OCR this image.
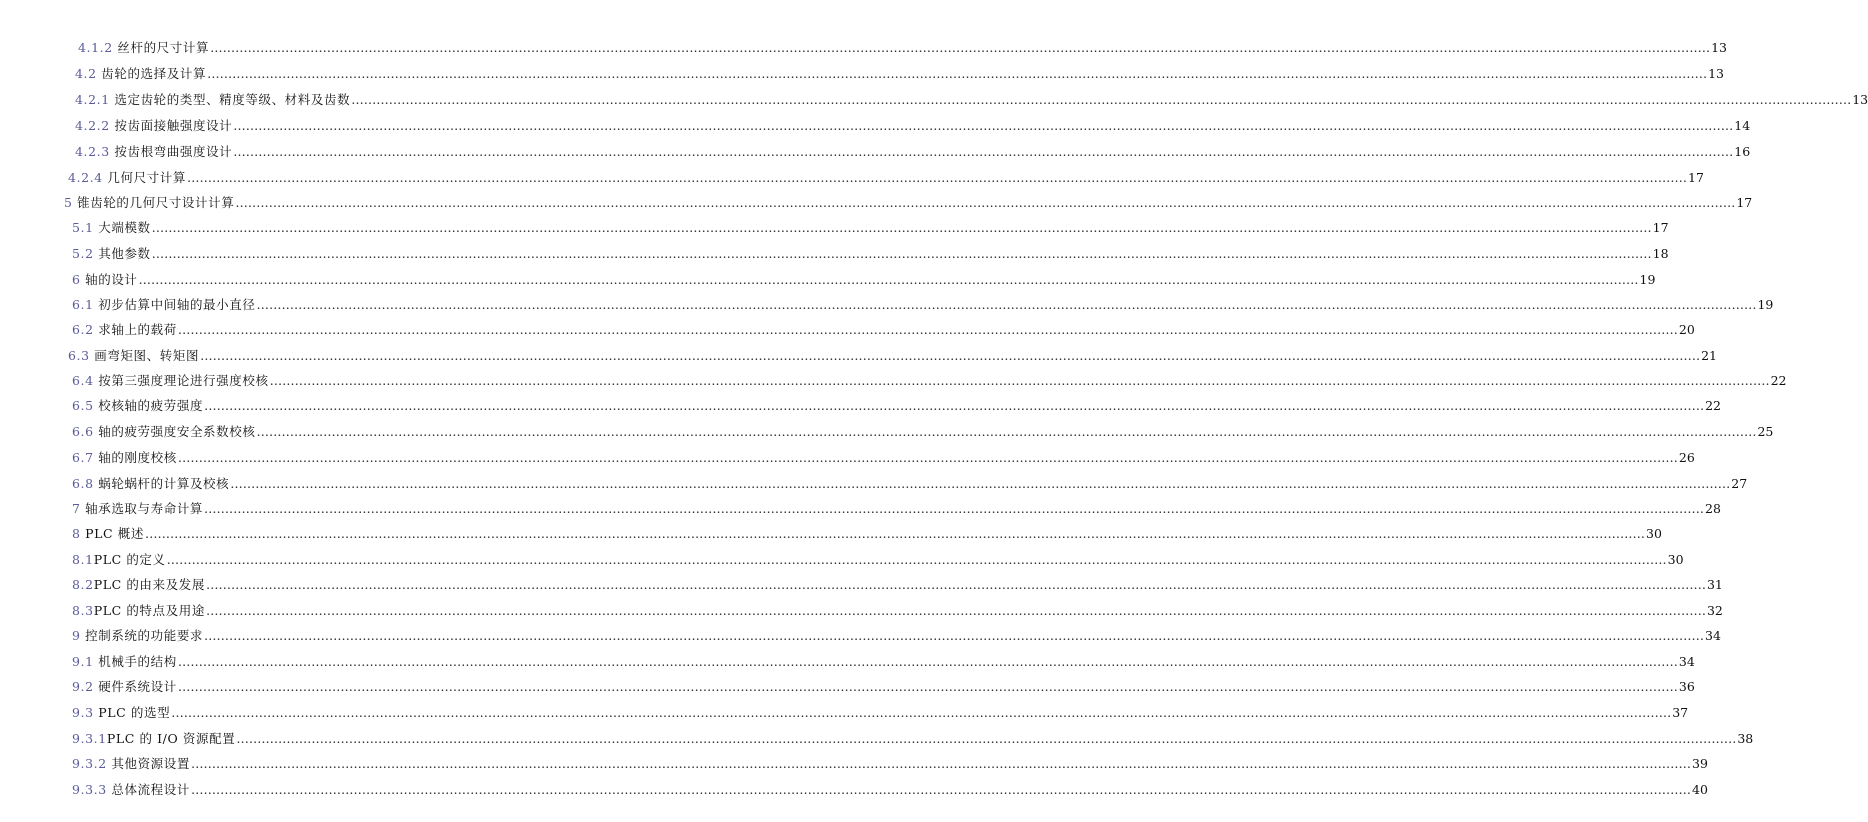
4.1.2 丝杆的尺寸计算 ……………………………………………………………………………………………………………………………………………………………………………………………………………………………………………………………………………………………………………………………… 13
4.2 齿轮的选择及计算 ……………………………………………………………………………………………………………………………………………………………………………………………………………………………………………………………………………………………………………………………… 13
4.2.1 选定齿轮的类型、精度等级、材料及齿数 ……………………………………………………………………………………………………………………………………………………………………………………………………………………………………………………………………………………………………………………………… 13
4.2.2 按齿面接触强度设计 ……………………………………………………………………………………………………………………………………………………………………………………………………………………………………………………………………………………………………………………………… 14
4.2.3 按齿根弯曲强度设计 ……………………………………………………………………………………………………………………………………………………………………………………………………………………………………………………………………………………………………………………………… 16
4.2.4 几何尺寸计算 ……………………………………………………………………………………………………………………………………………………………………………………………………………………………………………………………………………………………………………………………… 17
5 锥齿轮的几何尺寸设计计算 ……………………………………………………………………………………………………………………………………………………………………………………………………………………………………………………………………………………………………………………………… 17
5.1 大端模数 ……………………………………………………………………………………………………………………………………………………………………………………………………………………………………………………………………………………………………………………………… 17
5.2 其他参数 ……………………………………………………………………………………………………………………………………………………………………………………………………………………………………………………………………………………………………………………………… 18
6 轴的设计 ……………………………………………………………………………………………………………………………………………………………………………………………………………………………………………………………………………………………………………………………… 19
6.1 初步估算中间轴的最小直径 ……………………………………………………………………………………………………………………………………………………………………………………………………………………………………………………………………………………………………………………………… 19
6.2 求轴上的载荷 ……………………………………………………………………………………………………………………………………………………………………………………………………………………………………………………………………………………………………………………………… 20
6.3 画弯矩图、转矩图 ……………………………………………………………………………………………………………………………………………………………………………………………………………………………………………………………………………………………………………………………… 21
6.4 按第三强度理论进行强度校核 ……………………………………………………………………………………………………………………………………………………………………………………………………………………………………………………………………………………………………………………………… 22
6.5 校核轴的疲劳强度 ……………………………………………………………………………………………………………………………………………………………………………………………………………………………………………………………………………………………………………………………… 22
6.6 轴的疲劳强度安全系数校核 ……………………………………………………………………………………………………………………………………………………………………………………………………………………………………………………………………………………………………………………………… 25
6.7 轴的刚度校核 ……………………………………………………………………………………………………………………………………………………………………………………………………………………………………………………………………………………………………………………………… 26
6.8 蜗轮蜗杆的计算及校核 ……………………………………………………………………………………………………………………………………………………………………………………………………………………………………………………………………………………………………………………………… 27
7 轴承选取与寿命计算 ……………………………………………………………………………………………………………………………………………………………………………………………………………………………………………………………………………………………………………………………… 28
8 PLC 概述 ……………………………………………………………………………………………………………………………………………………………………………………………………………………………………………………………………………………………………………………………… 30
8.1PLC 的定义 ……………………………………………………………………………………………………………………………………………………………………………………………………………………………………………………………………………………………………………………………… 30
8.2PLC 的由来及发展 ……………………………………………………………………………………………………………………………………………………………………………………………………………………………………………………………………………………………………………………………… 31
8.3PLC 的特点及用途 ……………………………………………………………………………………………………………………………………………………………………………………………………………………………………………………………………………………………………………………………… 32
9 控制系统的功能要求 ……………………………………………………………………………………………………………………………………………………………………………………………………………………………………………………………………………………………………………………………… 34
9.1 机械手的结构 ……………………………………………………………………………………………………………………………………………………………………………………………………………………………………………………………………………………………………………………………… 34
9.2 硬件系统设计 ……………………………………………………………………………………………………………………………………………………………………………………………………………………………………………………………………………………………………………………………… 36
9.3 PLC 的选型 ……………………………………………………………………………………………………………………………………………………………………………………………………………………………………………………………………………………………………………………………… 37
9.3.1PLC 的 I/O 资源配置 ……………………………………………………………………………………………………………………………………………………………………………………………………………………………………………………………………………………………………………………………… 38
9.3.2 其他资源设置 ……………………………………………………………………………………………………………………………………………………………………………………………………………………………………………………………………………………………………………………………… 39
9.3.3 总体流程设计 ……………………………………………………………………………………………………………………………………………………………………………………………………………………………………………………………………………………………………………………………… 40
